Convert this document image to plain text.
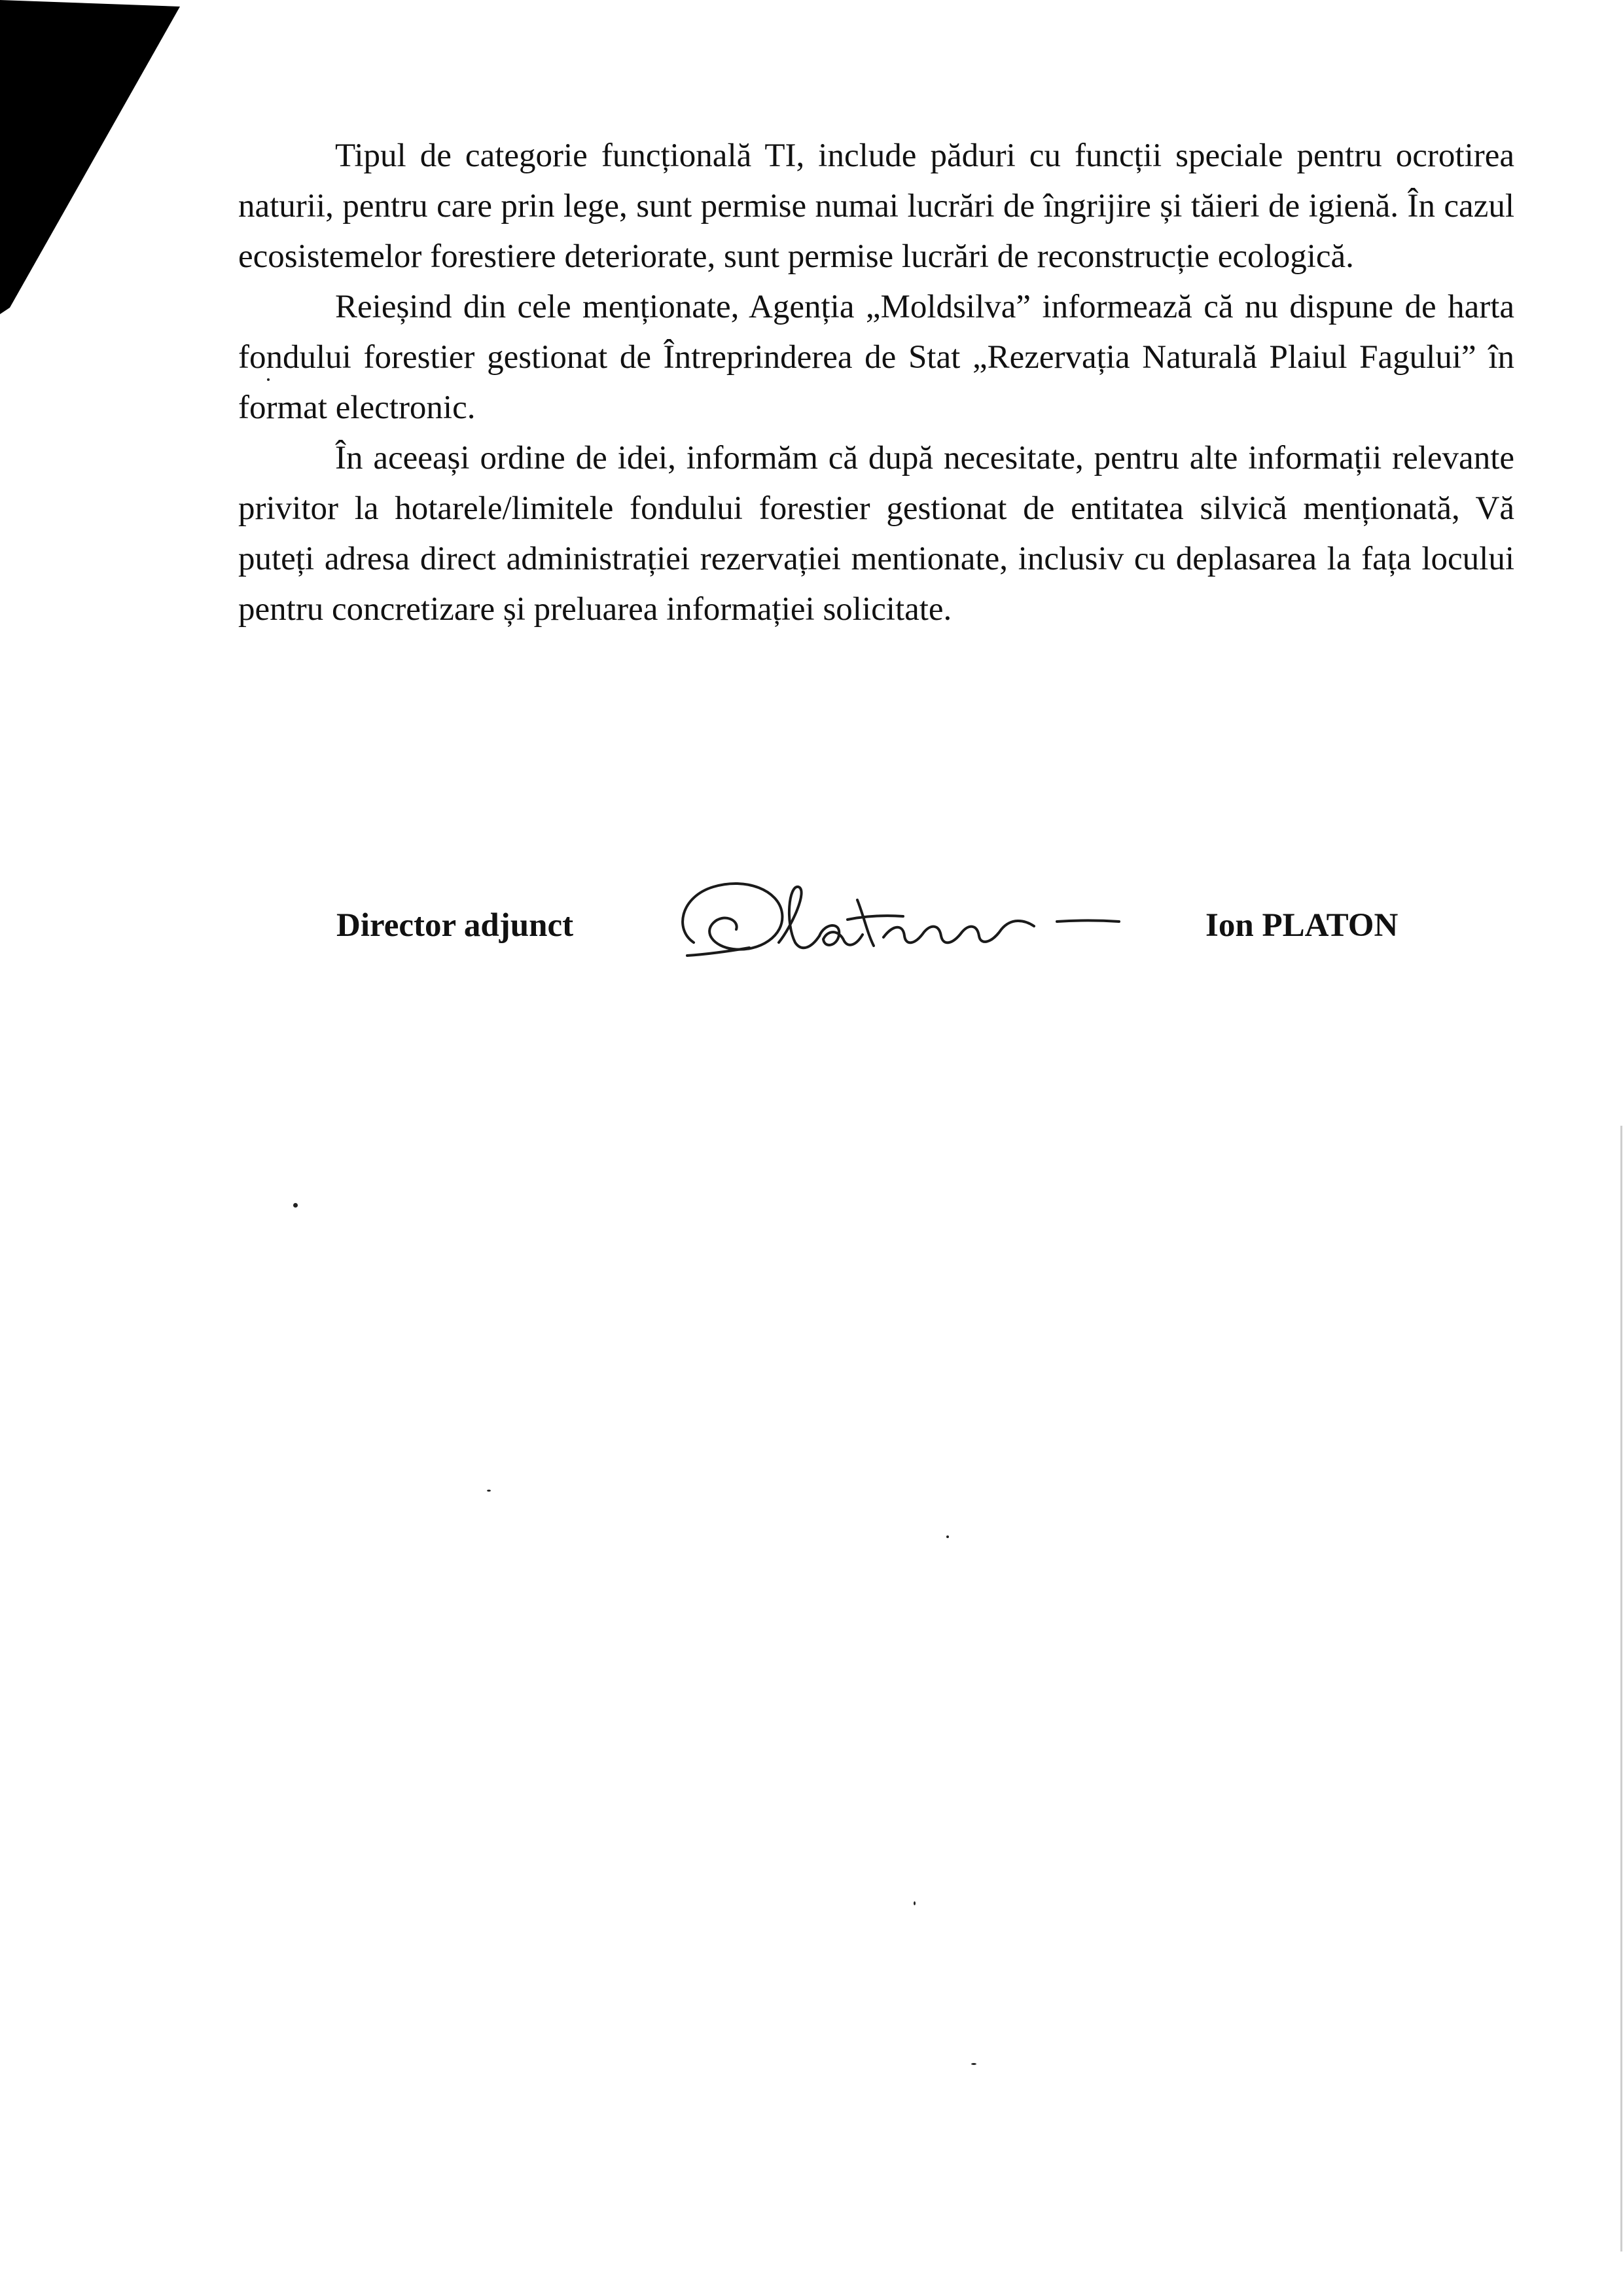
Tipul de categorie funcțională TI, include păduri cu funcții speciale pentru ocrotirea naturii, pentru care prin lege, sunt permise numai lucrări de îngrijire și tăieri de igienă. În cazul ecosistemelor forestiere deteriorate, sunt permise lucrări de reconstrucție ecologică.

Reieșind din cele menționate, Agenția „Moldsilva” informează că nu dispune de harta fondului forestier gestionat de Întreprinderea de Stat „Rezervația Naturală Plaiul Fagului” în format electronic.

În aceeași ordine de idei, informăm că după necesitate, pentru alte informații relevante privitor la hotarele/limitele fondului forestier gestionat de entitatea silvică menționată, Vă puteți adresa direct administrației rezervației mentionate, inclusiv cu deplasarea la fața locului pentru concretizare și preluarea informației solicitate.

Director adjunct	Ion PLATON
